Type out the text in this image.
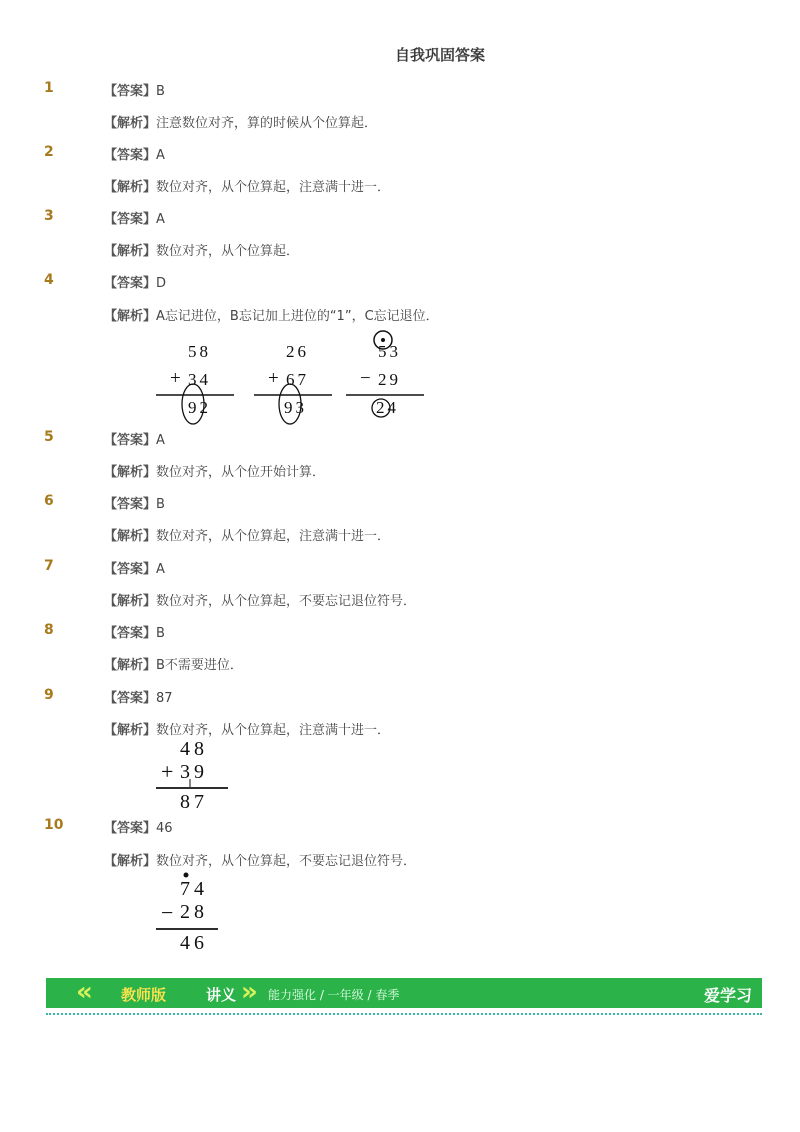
自我巩固答案
1	【答案】B
【解析】注意数位对齐，算的时候从个位算起．
2	【答案】A
【解析】数位对齐，从个位算起，注意满十进一．
3	【答案】A
【解析】数位对齐，从个位算起．
4	【答案】D
【解析】A忘记进位，B忘记加上进位的“1”，C忘记退位．
58
+ 34
92
26
+ 67
93
53
− 29
24
5	【答案】A
【解析】数位对齐，从个位开始计算．
6	【答案】B
【解析】数位对齐，从个位算起，注意满十进一．
7	【答案】A
【解析】数位对齐，从个位算起，不要忘记退位符号．
8	【答案】B
【解析】B不需要进位．
9	【答案】87
【解析】数位对齐，从个位算起，注意满十进一．
48
+ 39
87
10	【答案】46
【解析】数位对齐，从个位算起，不要忘记退位符号．
74
− 28
46
« 教师版	讲义 » 能力强化 / 一年级 / 春季	爱学习
